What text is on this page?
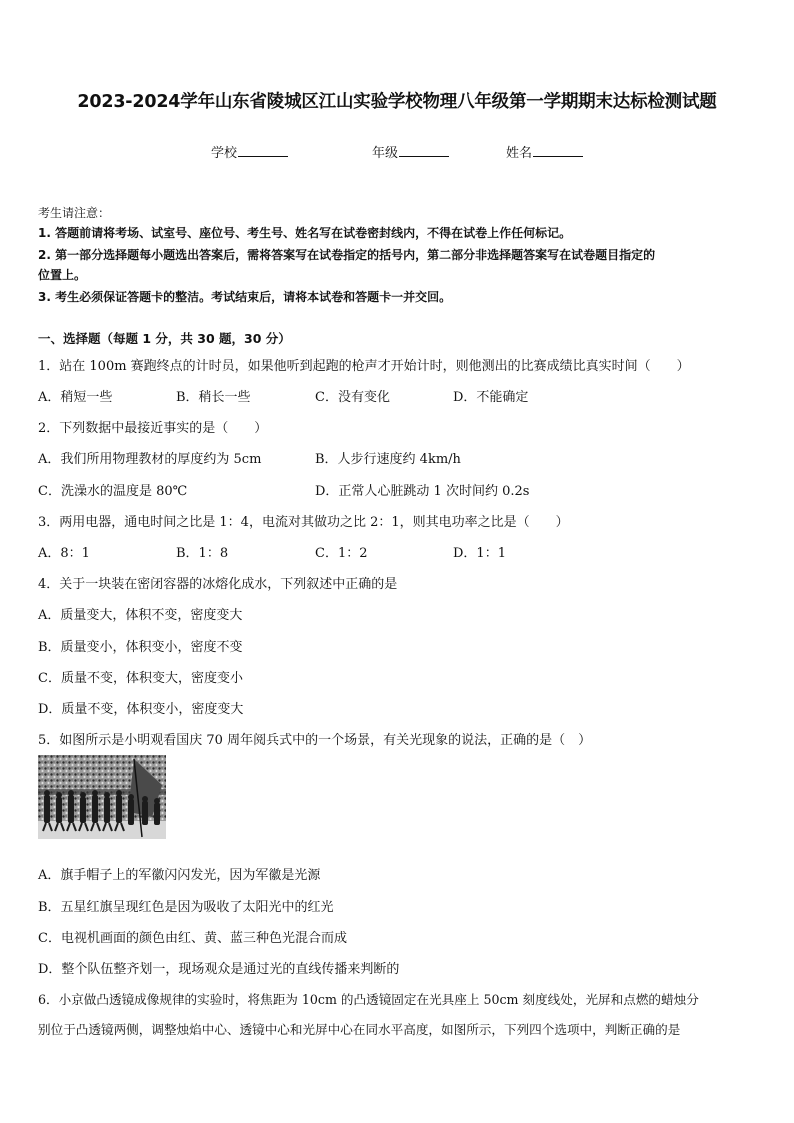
2023-2024学年山东省陵城区江山实验学校物理八年级第一学期期末达标检测试题
学校	年级	姓名
考生请注意：
1. 答题前请将考场、试室号、座位号、考生号、姓名写在试卷密封线内，不得在试卷上作任何标记。
2. 第一部分选择题每小题选出答案后，需将答案写在试卷指定的括号内，第二部分非选择题答案写在试卷题目指定的
位置上。
3. 考生必须保证答题卡的整洁。考试结束后，请将本试卷和答题卡一并交回。
一、选择题（每题 1 分，共 30 题，30 分）
1．站在 100m 赛跑终点的计时员，如果他听到起跑的枪声才开始计时，则他测出的比赛成绩比真实时间（　　）
A．稍短一些	B．稍长一些	C．没有变化	D．不能确定
2．下列数据中最接近事实的是（　　）
A．我们所用物理教材的厚度约为 5cm	B．人步行速度约 4km/h
C．洗澡水的温度是 80℃	D．正常人心脏跳动 1 次时间约 0.2s
3．两用电器，通电时间之比是 1：4，电流对其做功之比 2：1，则其电功率之比是（　　）
A．8：1	B．1：8	C．1：2	D．1：1
4．关于一块装在密闭容器的冰熔化成水，下列叙述中正确的是
A．质量变大，体积不变，密度变大
B．质量变小，体积变小，密度不变
C．质量不变，体积变大，密度变小
D．质量不变，体积变小，密度变大
5．如图所示是小明观看国庆 70 周年阅兵式中的一个场景，有关光现象的说法，正确的是（　）
A．旗手帽子上的军徽闪闪发光，因为军徽是光源
B．五星红旗呈现红色是因为吸收了太阳光中的红光
C．电视机画面的颜色由红、黄、蓝三种色光混合而成
D．整个队伍整齐划一，现场观众是通过光的直线传播来判断的
6．小京做凸透镜成像规律的实验时，将焦距为 10cm 的凸透镜固定在光具座上 50cm 刻度线处，光屏和点燃的蜡烛分
别位于凸透镜两侧，调整烛焰中心、透镜中心和光屏中心在同水平高度，如图所示，下列四个选项中，判断正确的是
